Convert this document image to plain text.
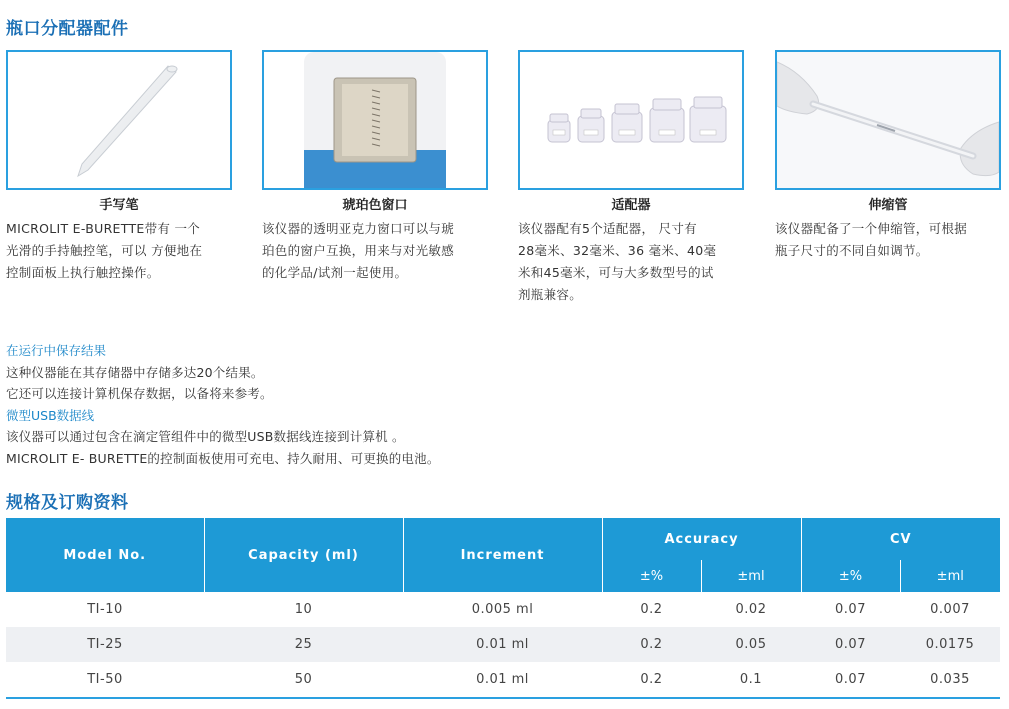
瓶口分配器配件
手写笔
MICROLIT E-BURETTE带有 一个
光滑的手持触控笔，可以 方便地在
控制面板上执行触控操作。
琥珀色窗口
该仪器的透明亚克力窗口可以与琥
珀色的窗户互换，用来与对光敏感
的化学品/试剂一起使用。
适配器
该仪器配有5个适配器， 尺寸有
28毫米、32毫米、36 毫米、40毫
米和45毫米，可与大多数型号的试
剂瓶兼容。
伸缩管
该仪器配备了一个伸缩管，可根据
瓶子尺寸的不同自如调节。
在运行中保存结果
这种仪器能在其存储器中存储多达20个结果。
它还可以连接计算机保存数据，以备将来参考。
微型USB数据线
该仪器可以通过包含在滴定管组件中的微型USB数据线连接到计算机 。
MICROLIT E- BURETTE的控制面板使用可充电、持久耐用、可更换的电池。
规格及订购资料
Model No.	Capacity (ml)	Increment	Accuracy		CV	
			±%	±ml	±%	±ml
TI-10	10	0.005 ml	0.2	0.02	0.07	0.007
TI-25	25	0.01 ml	0.2	0.05	0.07	0.0175
TI-50	50	0.01 ml	0.2	0.1	0.07	0.035
